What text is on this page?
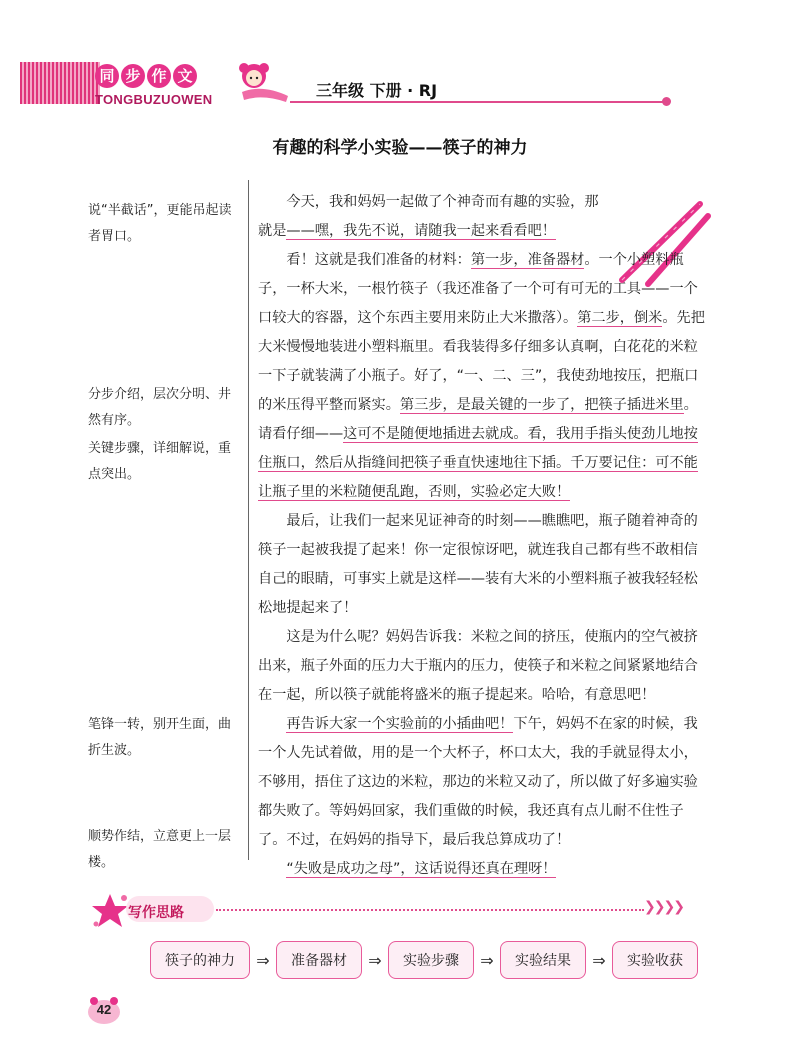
同 步 作 文
TONGBUZUOWEN	三年级 下册 · RJ
有趣的科学小实验——筷子的神力
说“半截话”，更能吊起读者胃口。
分步介绍，层次分明、井然有序。
关键步骤，详细解说，重点突出。
笔锋一转，别开生面，曲折生波。
顺势作结，立意更上一层楼。

今天，我和妈妈一起做了个神奇而有趣的实验，那就是——嘿，我先不说，请随我一起来看看吧！

看！这就是我们准备的材料：第一步，准备器材。一个小塑料瓶子，一杯大米，一根竹筷子（我还准备了一个可有可无的工具——一个口较大的容器，这个东西主要用来防止大米撒落）。第二步，倒米。先把大米慢慢地装进小塑料瓶里。看我装得多仔细多认真啊，白花花的米粒一下子就装满了小瓶子。好了，“一、二、三”，我使劲地按压，把瓶口的米压得平整而紧实。第三步，是最关键的一步了，把筷子插进米里。请看仔细——这可不是随便地插进去就成。看，我用手指头使劲儿地按住瓶口，然后从指缝间把筷子垂直快速地往下插。千万要记住：可不能让瓶子里的米粒随便乱跑，否则，实验必定大败！

最后，让我们一起来见证神奇的时刻——瞧瞧吧，瓶子随着神奇的筷子一起被我提了起来！你一定很惊讶吧，就连我自己都有些不敢相信自己的眼睛，可事实上就是这样——装有大米的小塑料瓶子被我轻轻松松地提起来了！

这是为什么呢？妈妈告诉我：米粒之间的挤压，使瓶内的空气被挤出来，瓶子外面的压力大于瓶内的压力，使筷子和米粒之间紧紧地结合在一起，所以筷子就能将盛米的瓶子提起来。哈哈，有意思吧！

再告诉大家一个实验前的小插曲吧！下午，妈妈不在家的时候，我一个人先试着做，用的是一个大杯子，杯口太大，我的手就显得太小，不够用，捂住了这边的米粒，那边的米粒又动了，所以做了好多遍实验都失败了。等妈妈回家，我们重做的时候，我还真有点儿耐不住性子了。不过，在妈妈的指导下，最后我总算成功了！

“失败是成功之母”，这话说得还真在理呀！

写作思路	❯❯❯❯
筷子的神力	⇒	准备器材	⇒	实验步骤	⇒	实验结果	⇒	实验收获
42
